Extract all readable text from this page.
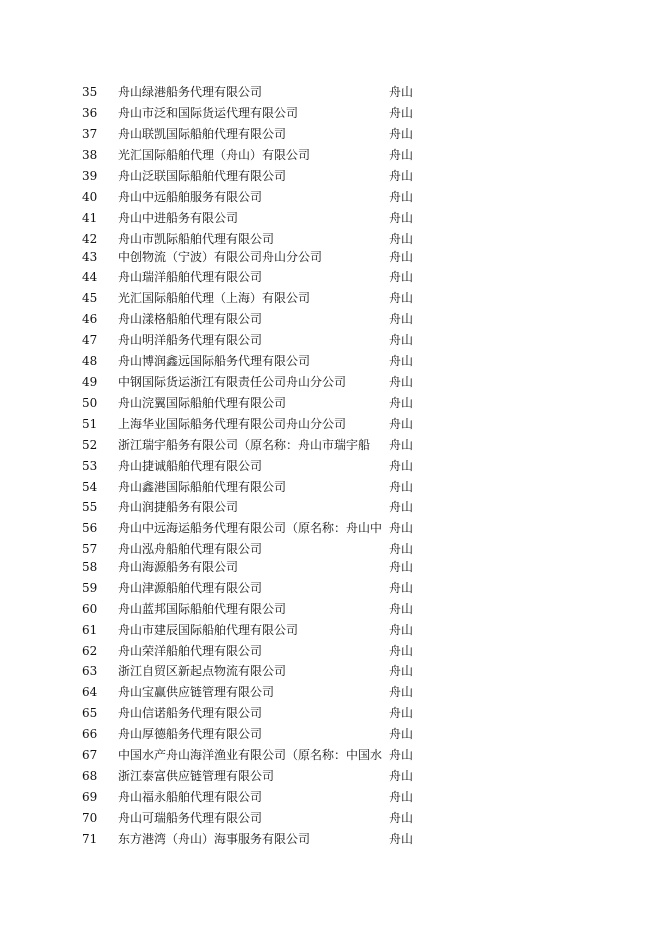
35	舟山绿港船务代理有限公司	舟山
36	舟山市泛和国际货运代理有限公司	舟山
37	舟山联凯国际船舶代理有限公司	舟山
38	光汇国际船舶代理（舟山）有限公司	舟山
39	舟山泛联国际船舶代理有限公司	舟山
40	舟山中远船舶服务有限公司	舟山
41	舟山中进船务有限公司	舟山
42	舟山市凯际船舶代理有限公司	舟山
43	中创物流（宁波）有限公司舟山分公司	舟山
44	舟山瑞洋船舶代理有限公司	舟山
45	光汇国际船舶代理（上海）有限公司	舟山
46	舟山漾格船舶代理有限公司	舟山
47	舟山明洋船务代理有限公司	舟山
48	舟山博润鑫远国际船务代理有限公司	舟山
49	中钢国际货运浙江有限责任公司舟山分公司	舟山
50	舟山浣翼国际船舶代理有限公司	舟山
51	上海华业国际船务代理有限公司舟山分公司	舟山
52	浙江瑞宇船务有限公司（原名称：舟山市瑞宇船	舟山
53	舟山捷诚船舶代理有限公司	舟山
54	舟山鑫港国际船舶代理有限公司	舟山
55	舟山润捷船务有限公司	舟山
56	舟山中远海运船务代理有限公司（原名称：舟山中 舟山
57	舟山泓舟船舶代理有限公司	舟山
58	舟山海源船务有限公司	舟山
59	舟山津源船舶代理有限公司	舟山
60	舟山蓝邦国际船舶代理有限公司	舟山
61	舟山市建辰国际船舶代理有限公司	舟山
62	舟山荣洋船舶代理有限公司	舟山
63	浙江自贸区新起点物流有限公司	舟山
64	舟山宝赢供应链管理有限公司	舟山
65	舟山信诺船务代理有限公司	舟山
66	舟山厚德船务代理有限公司	舟山
67	中国水产舟山海洋渔业有限公司（原名称：中国水 舟山
68	浙江泰富供应链管理有限公司	舟山
69	舟山福永船舶代理有限公司	舟山
70	舟山可瑞船务代理有限公司	舟山
71	东方港湾（舟山）海事服务有限公司	舟山
